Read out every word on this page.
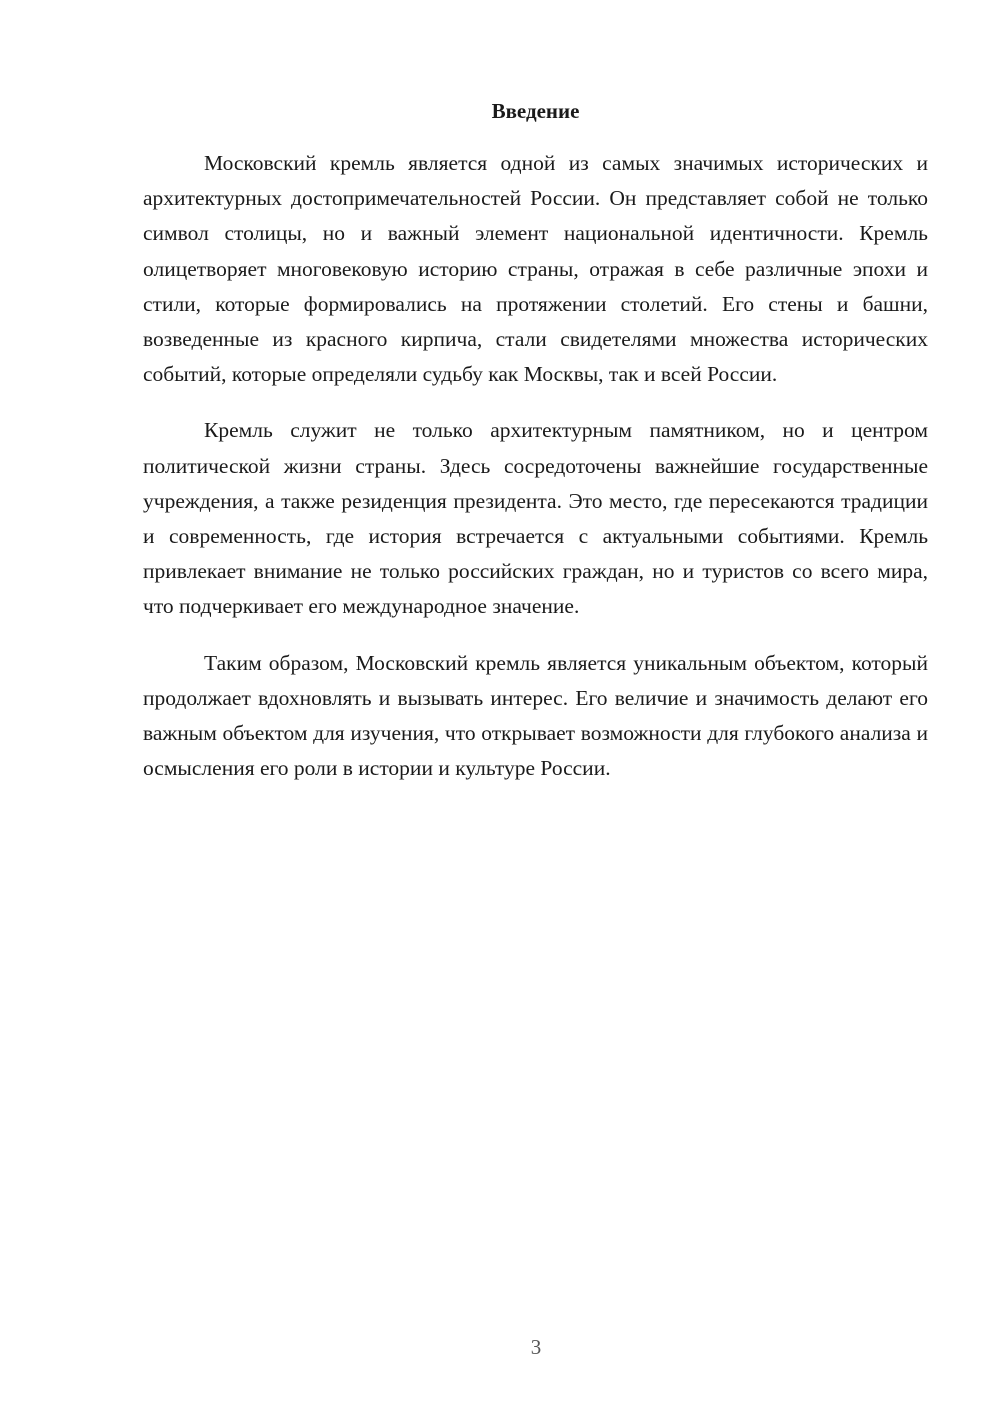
Введение

Московский кремль является одной из самых значимых исторических и архитектурных достопримечательностей России. Он представляет собой не только символ столицы, но и важный элемент национальной идентичности. Кремль олицетворяет многовековую историю страны, отражая в себе различные эпохи и стили, которые формировались на протяжении столетий. Его стены и башни, возведенные из красного кирпича, стали свидетелями множества исторических событий, которые определяли судьбу как Москвы, так и всей России.

Кремль служит не только архитектурным памятником, но и центром политической жизни страны. Здесь сосредоточены важнейшие государственные учреждения, а также резиденция президента. Это место, где пересекаются традиции и современность, где история встречается с актуальными событиями. Кремль привлекает внимание не только российских граждан, но и туристов со всего мира, что подчеркивает его международное значение.

Таким образом, Московский кремль является уникальным объектом, который продолжает вдохновлять и вызывать интерес. Его величие и значимость делают его важным объектом для изучения, что открывает возможности для глубокого анализа и осмысления его роли в истории и культуре России.

3
